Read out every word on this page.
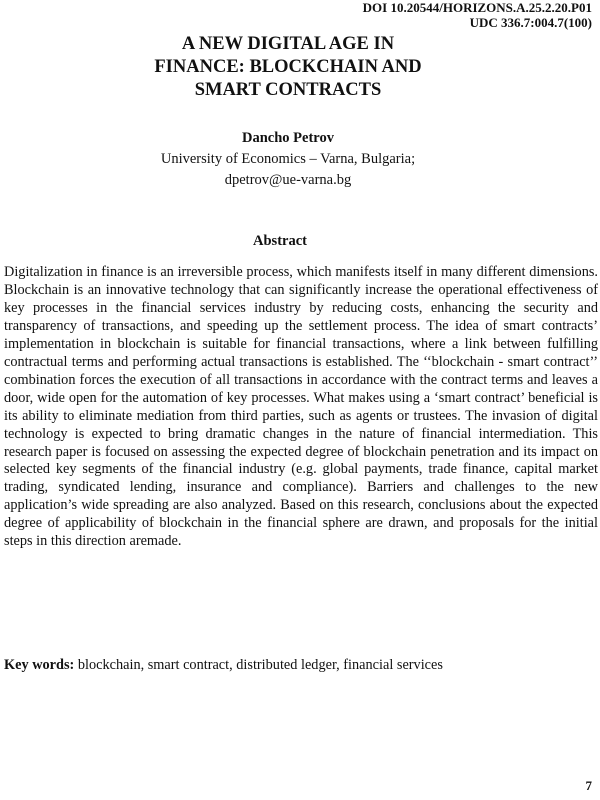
DOI 10.20544/HORIZONS.A.25.2.20.P01
UDC 336.7:004.7(100)
A NEW DIGITAL AGE IN
FINANCE: BLOCKCHAIN AND
SMART CONTRACTS
Dancho Petrov
University of Economics – Varna, Bulgaria;
dpetrov@ue-varna.bg
Abstract

Digitalization in finance is an irreversible process, which manifests itself in many different dimensions. Blockchain is an innovative technology that can significantly increase the operational effectiveness of key processes in the financial services industry by reducing costs, enhancing the security and transparency of transactions, and speeding up the settlement process. The idea of smart contracts’ implementation in blockchain is suitable for financial transactions, where a link between fulfilling contractual terms and performing actual transactions is established. The ‘‘blockchain - smart contract’’ combination forces the execution of all transactions in accordance with the contract terms and leaves a door, wide open for the automation of key processes. What makes using a ‘smart contract’ beneficial is its ability to eliminate mediation from third parties, such as agents or trustees. The invasion of digital technology is expected to bring dramatic changes in the nature of financial intermediation. This research paper is focused on assessing the expected degree of blockchain penetration and its impact on selected key segments of the financial industry (e.g. global payments, trade finance, capital market trading, syndicated lending, insurance and compliance). Barriers and challenges to the new application’s wide spreading are also analyzed. Based on this research, conclusions about the expected degree of applicability of blockchain in the financial sphere are drawn, and proposals for the initial steps in this direction aremade.

Key words: blockchain, smart contract, distributed ledger, financial services

7
